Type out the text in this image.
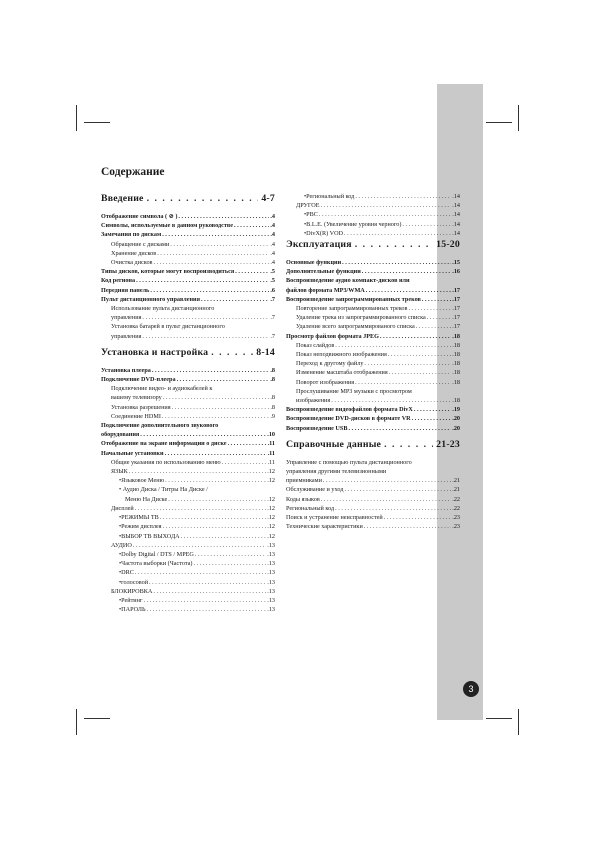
3
Содержание
Введение . . .	4-7
Отображение символа ( ⊘ ) . . .	.4
Символы, используемые в данном руководстве . . .	.4
Замечания по дискам . . .	.4
Обращение с дисками . . .	.4
Хранение дисков . . .	.4
Очистка дисков . . .	.4
Типы дисков, которые могут воспроизводиться . . .	.5
Код региона . . .	.5
Передняя панель . . .	.6
Пульт дистанционного управления . . .	.7
Использование пульта дистанционного
управления . . .	.7
Установка батарей в пульт дистанционного
управления . . .	.7
Установка и настройка . . .	8-14
Установка плеера . . .	.8
Подключение DVD-плеера . . .	.8
Подключение видео- и аудиокабелей к
вашему телевизору . . .	.8
Установка разрешения . . .	.8
Соединение HDMI . . .	.9
Подключение дополнительного звукового
оборудования . . .	.10
Отображение на экране информации о диске . . .	.11
Начальные установки . . .	.11
Общие указания по использованию меню . . .	.11
ЯЗЫК . . .	.12
• Языковое Меню . . .	.12
• Аудио Диска / Титры На Диске /
Меню На Диске . . .	.12
Дисплей . . .	.12
• РЕЖИМЫ ТВ . . .	.12
• Режим дисплея . . .	.12
• ВЫБОР ТВ ВЫХОДА . . .	.12
АУДИО . . .	.13
• Dolby Digital / DTS / MPEG . . .	.13
• Частота выборки (Частота) . . .	.13
• DRC . . .	.13
• голосовой . . .	.13
БЛОКИРОВКА . . .	.13
• Рейтинг . . .	.13
• ПАРОЛЬ . . .	.13
• Региональный код . . .	.14
ДРУГОЕ . . .	.14
• PBC . . .	.14
• B.L.E. (Увеличение уровня черного) . . .	.14
• DivX(R) VOD . . .	.14
Эксплуатация . . .	15-20
Основные функции . . .	.15
Дополнительные функции . . .	.16
Воспроизведение аудио компакт-дисков или
файлов формата MP3/WMA . . .	.17
Воспроизведение запрограммированных треков . . .	.17
Повторение запрограммированных треков . . .	.17
Удаление трека из запрограммированного списка . . .	.17
Удаление всего запрограммированого списка . . .	.17
Просмотр файлов формата JPEG . . .	.18
Показ слайдов . . .	.18
Показ неподвижного изображения . . .	.18
Переход к другому файлу . . .	.18
Изменение масштаба отображения . . .	.18
Поворот изображения . . .	.18
Прослушивание MP3 музыки с просмотром
изображения . . .	.18
Воспроизведение видеофайлов формата DivX . . .	.19
Воспроизведение DVD-дисков в формате VR . . .	.20
Воспроизведение USB . . .	.20
Справочные данные . . .	21-23
Управление с помощью пульта дистанционного
управления другими телевизионными
приемниками . . .	.21
Обслуживание и уход . . .	.21
Коды языков . . .	.22
Региональный код . . .	.22
Поиск и устранение неисправностей . . .	.23
Технические характеристики . . .	.23
